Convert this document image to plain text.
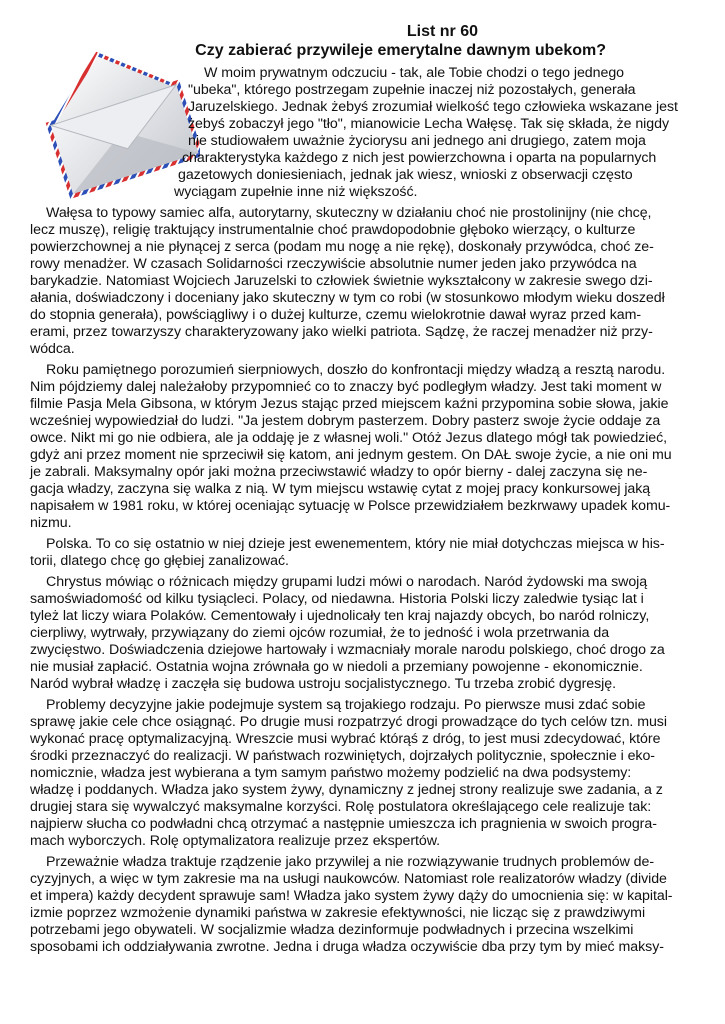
List nr 60
Czy zabierać przywileje emerytalne dawnym ubekom?
W moim prywatnym odczuciu - tak, ale Tobie chodzi o tego jednego
"ubeka", którego postrzegam zupełnie inaczej niż pozostałych, generała
Jaruzelskiego. Jednak żebyś zrozumiał wielkość tego człowieka wskazane jest
żebyś zobaczył jego "tło", mianowicie Lecha Wałęsę. Tak się składa, że nigdy
nie studiowałem uważnie życiorysu ani jednego ani drugiego, zatem moja
charakterystyka każdego z nich jest powierzchowna i oparta na popularnych
gazetowych doniesieniach, jednak jak wiesz, wnioski z obserwacji często
wyciągam zupełnie inne niż większość.
Wałęsa to typowy samiec alfa, autorytarny, skuteczny w działaniu choć nie prostolinijny (nie chcę,
lecz muszę), religię traktujący instrumentalnie choć prawdopodobnie głęboko wierzący, o kulturze
powierzchownej a nie płynącej z serca (podam mu nogę a nie rękę), doskonały przywódca, choć ze-
rowy menadżer. W czasach Solidarności rzeczywiście absolutnie numer jeden jako przywódca na
barykadzie. Natomiast Wojciech Jaruzelski to człowiek świetnie wykształcony w zakresie swego dzi-
ałania, doświadczony i doceniany jako skuteczny w tym co robi (w stosunkowo młodym wieku doszedł
do stopnia generała), powściągliwy i o dużej kulturze, czemu wielokrotnie dawał wyraz przed kam-
erami, przez towarzyszy charakteryzowany jako wielki patriota. Sądzę, że raczej menadżer niż przy-
wódca.
Roku pamiętnego porozumień sierpniowych, doszło do konfrontacji między władzą a resztą narodu.
Nim pójdziemy dalej należałoby przypomnieć co to znaczy być podległym władzy. Jest taki moment w
filmie Pasja Mela Gibsona, w którym Jezus stając przed miejscem kaźni przypomina sobie słowa, jakie
wcześniej wypowiedział do ludzi. "Ja jestem dobrym pasterzem. Dobry pasterz swoje życie oddaje za
owce. Nikt mi go nie odbiera, ale ja oddaję je z własnej woli." Otóż Jezus dlatego mógł tak powiedzieć,
gdyż ani przez moment nie sprzeciwił się katom, ani jednym gestem. On DAŁ swoje życie, a nie oni mu
je zabrali. Maksymalny opór jaki można przeciwstawić władzy to opór bierny - dalej zaczyna się ne-
gacja władzy, zaczyna się walka z nią. W tym miejscu wstawię cytat z mojej pracy konkursowej jaką
napisałem w 1981 roku, w której oceniając sytuację w Polsce przewidziałem bezkrwawy upadek komu-
nizmu.
Polska. To co się ostatnio w niej dzieje jest ewenementem, który nie miał dotychczas miejsca w his-
torii, dlatego chcę go głębiej zanalizować.
Chrystus mówiąc o różnicach między grupami ludzi mówi o narodach. Naród żydowski ma swoją
samoświadomość od kilku tysiącleci. Polacy, od niedawna. Historia Polski liczy zaledwie tysiąc lat i
tyleż lat liczy wiara Polaków. Cementowały i ujednolicały ten kraj najazdy obcych, bo naród rolniczy,
cierpliwy, wytrwały, przywiązany do ziemi ojców rozumiał, że to jedność i wola przetrwania da
zwycięstwo. Doświadczenia dziejowe hartowały i wzmacniały morale narodu polskiego, choć drogo za
nie musiał zapłacić. Ostatnia wojna zrównała go w niedoli a przemiany powojenne - ekonomicznie.
Naród wybrał władzę i zaczęła się budowa ustroju socjalistycznego. Tu trzeba zrobić dygresję.
Problemy decyzyjne jakie podejmuje system są trojakiego rodzaju. Po pierwsze musi zdać sobie
sprawę jakie cele chce osiągnąć. Po drugie musi rozpatrzyć drogi prowadzące do tych celów tzn. musi
wykonać pracę optymalizacyjną. Wreszcie musi wybrać którąś z dróg, to jest musi zdecydować, które
środki przeznaczyć do realizacji. W państwach rozwiniętych, dojrzałych politycznie, społecznie i eko-
nomicznie, władza jest wybierana a tym samym państwo możemy podzielić na dwa podsystemy:
władzę i poddanych. Władza jako system żywy, dynamiczny z jednej strony realizuje swe zadania, a z
drugiej stara się wywalczyć maksymalne korzyści. Rolę postulatora określającego cele realizuje tak:
najpierw słucha co podwładni chcą otrzymać a następnie umieszcza ich pragnienia w swoich progra-
mach wyborczych. Rolę optymalizatora realizuje przez ekspertów.
Przeważnie władza traktuje rządzenie jako przywilej a nie rozwiązywanie trudnych problemów de-
cyzyjnych, a więc w tym zakresie ma na usługi naukowców. Natomiast role realizatorów władzy (divide
et impera) każdy decydent sprawuje sam! Władza jako system żywy dąży do umocnienia się: w kapital-
izmie poprzez wzmożenie dynamiki państwa w zakresie efektywności, nie licząc się z prawdziwymi
potrzebami jego obywateli. W socjalizmie władza dezinformuje podwładnych i przecina wszelkimi
sposobami ich oddziaływania zwrotne. Jedna i druga władza oczywiście dba przy tym by mieć maksy-
